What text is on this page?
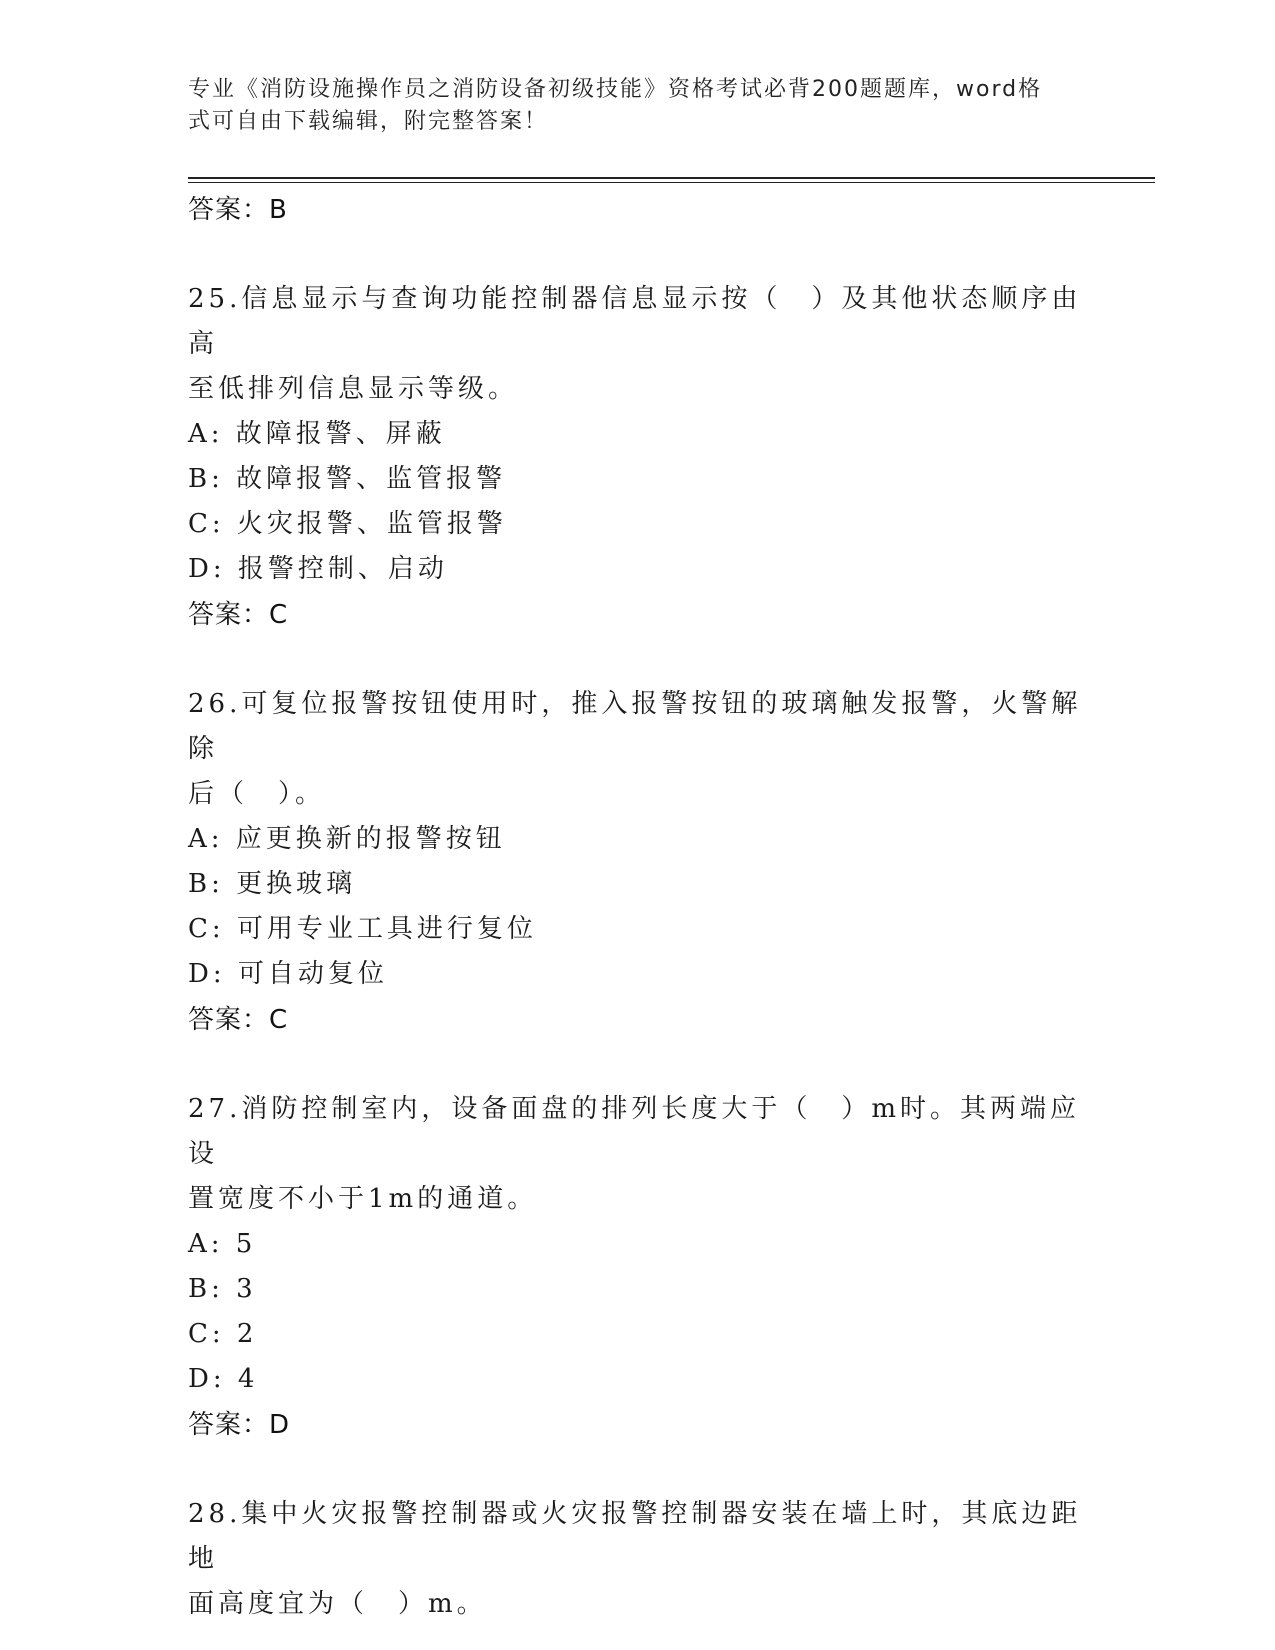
专业《消防设施操作员之消防设备初级技能》资格考试必背200题题库，word格
式可自由下载编辑，附完整答案！
答案：B
25.信息显示与查询功能控制器信息显示按（　）及其他状态顺序由高
至低排列信息显示等级。
A: 故障报警、屏蔽
B: 故障报警、监管报警
C: 火灾报警、监管报警
D: 报警控制、启动
答案：C
26.可复位报警按钮使用时，推入报警按钮的玻璃触发报警，火警解除
后（　）。
A: 应更换新的报警按钮
B: 更换玻璃
C: 可用专业工具进行复位
D: 可自动复位
答案：C
27.消防控制室内，设备面盘的排列长度大于（　）m时。其两端应设
置宽度不小于1m的通道。
A: 5
B: 3
C: 2
D: 4
答案：D
28.集中火灾报警控制器或火灾报警控制器安装在墙上时，其底边距地
面高度宜为（　）m。
